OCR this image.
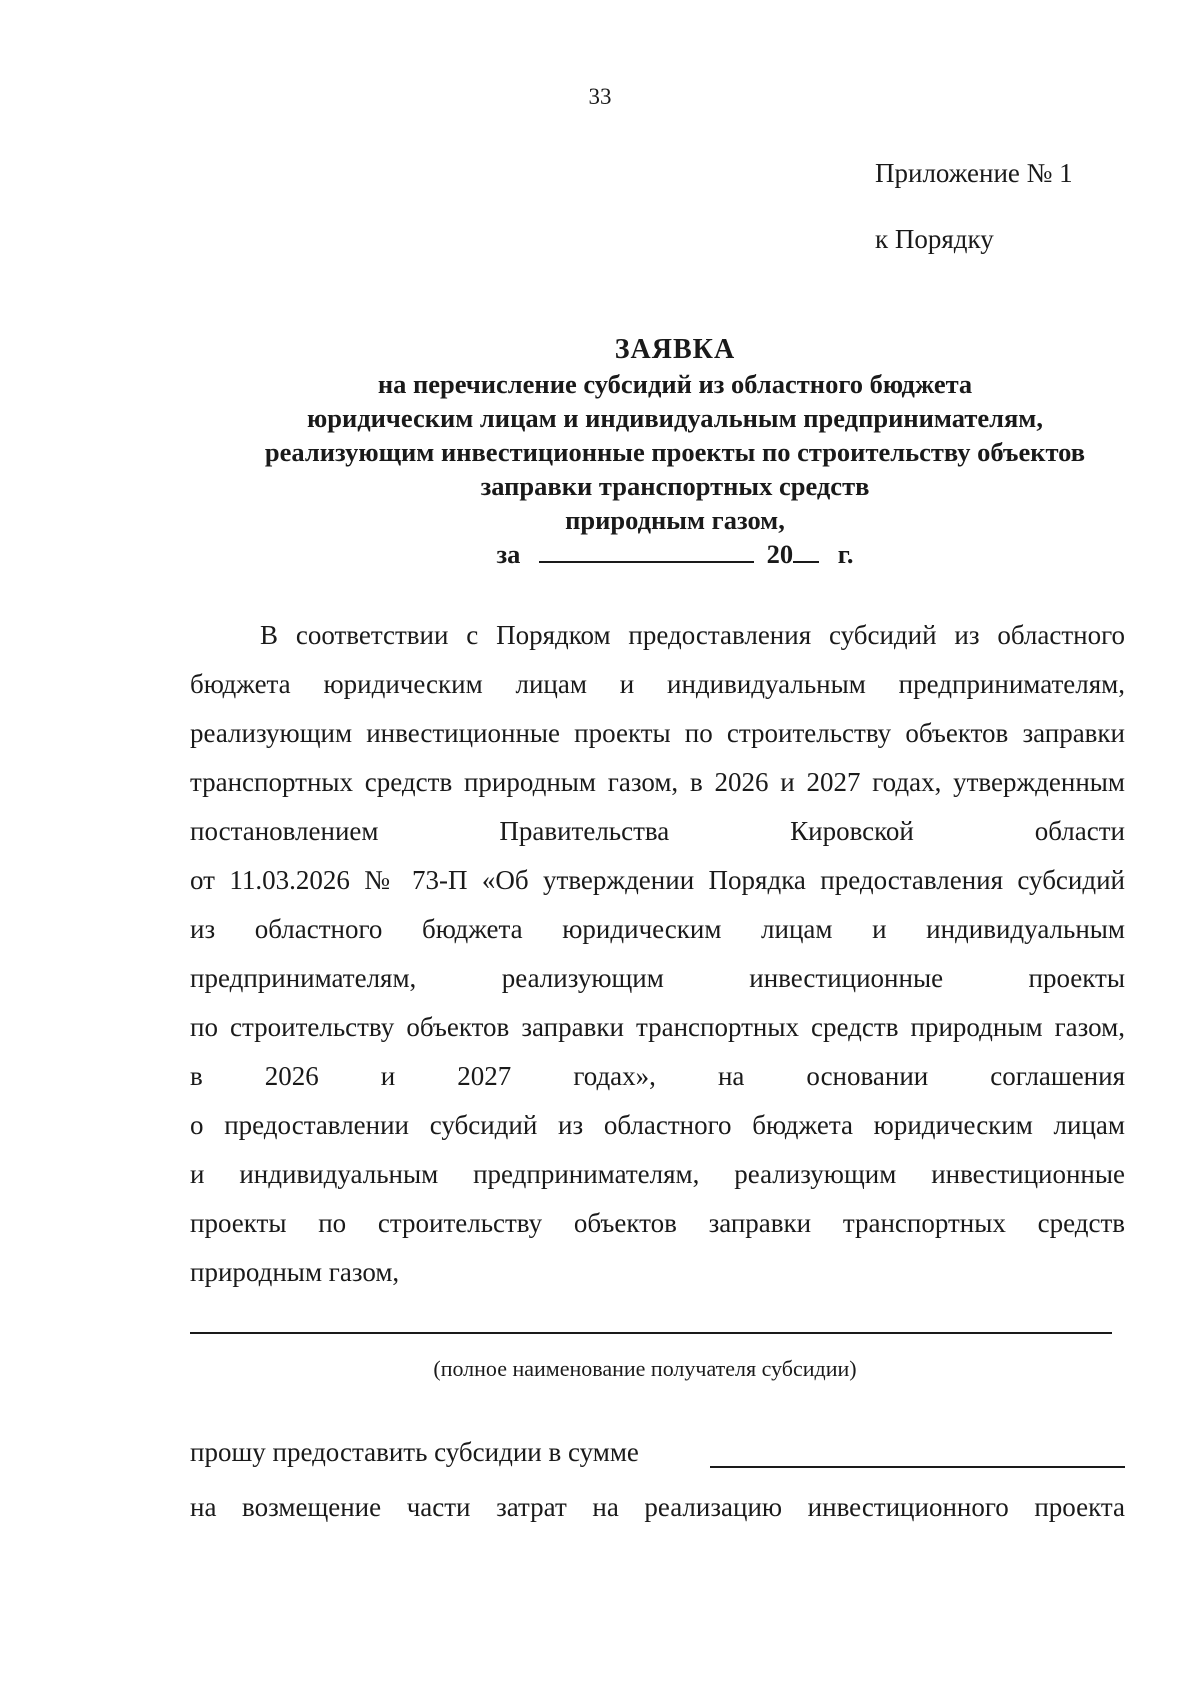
33
Приложение № 1
к Порядку
ЗАЯВКА
на перечисление субсидий из областного бюджета
юридическим лицам и индивидуальным предпринимателям,
реализующим инвестиционные проекты по строительству объектов
заправки транспортных средств
природным газом,
за	20 г.
В соответствии с Порядком предоставления субсидий из областного
бюджета юридическим лицам и индивидуальным предпринимателям,
реализующим инвестиционные проекты по строительству объектов заправки
транспортных средств природным газом, в 2026 и 2027 годах, утвержденным
постановлением Правительства Кировской области
от 11.03.2026 № 73-П «Об утверждении Порядка предоставления субсидий
из областного бюджета юридическим лицам и индивидуальным
предпринимателям, реализующим инвестиционные проекты
по строительству объектов заправки транспортных средств природным газом,
в 2026 и 2027 годах», на основании соглашения
о предоставлении субсидий из областного бюджета юридическим лицам
и индивидуальным предпринимателям, реализующим инвестиционные
проекты по строительству объектов заправки транспортных средств
природным газом,
(полное наименование получателя субсидии)
прошу предоставить субсидии в сумме
на возмещение части затрат на реализацию инвестиционного проекта
